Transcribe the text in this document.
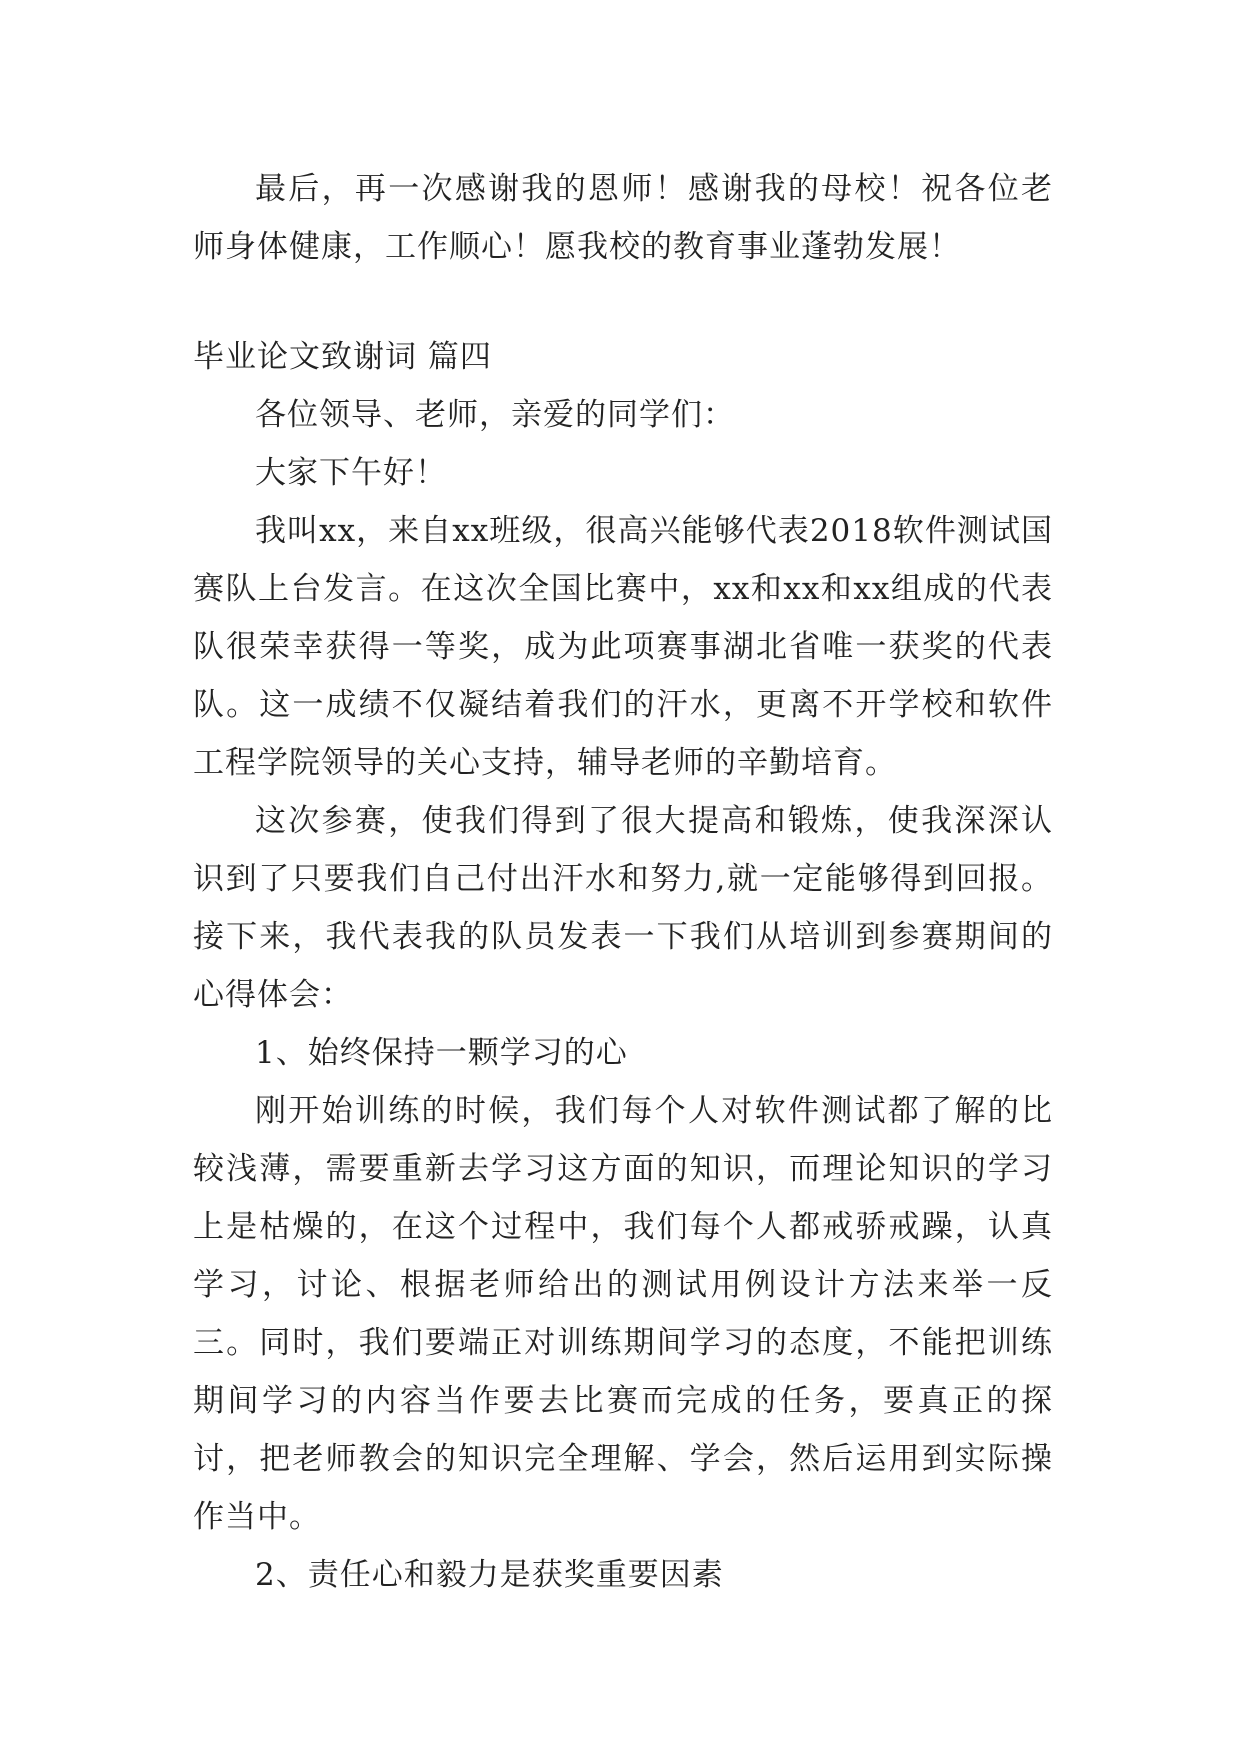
最后，再一次感谢我的恩师！感谢我的母校！祝各位老师身体健康，工作顺心！愿我校的教育事业蓬勃发展！

毕业论文致谢词 篇四

各位领导、老师，亲爱的同学们：

大家下午好！

我叫xx，来自xx班级，很高兴能够代表2018软件测试国赛队上台发言。在这次全国比赛中，xx和xx和xx组成的代表队很荣幸获得一等奖，成为此项赛事湖北省唯一获奖的代表队。这一成绩不仅凝结着我们的汗水，更离不开学校和软件工程学院领导的关心支持，辅导老师的辛勤培育。

这次参赛，使我们得到了很大提高和锻炼，使我深深认识到了只要我们自己付出汗水和努力,就一定能够得到回报。接下来，我代表我的队员发表一下我们从培训到参赛期间的心得体会：

1、始终保持一颗学习的心

刚开始训练的时候，我们每个人对软件测试都了解的比较浅薄，需要重新去学习这方面的知识，而理论知识的学习上是枯燥的，在这个过程中，我们每个人都戒骄戒躁，认真学习，讨论、根据老师给出的测试用例设计方法来举一反三。同时，我们要端正对训练期间学习的态度，不能把训练期间学习的内容当作要去比赛而完成的任务，要真正的探讨，把老师教会的知识完全理解、学会，然后运用到实际操作当中。

2、责任心和毅力是获奖重要因素
